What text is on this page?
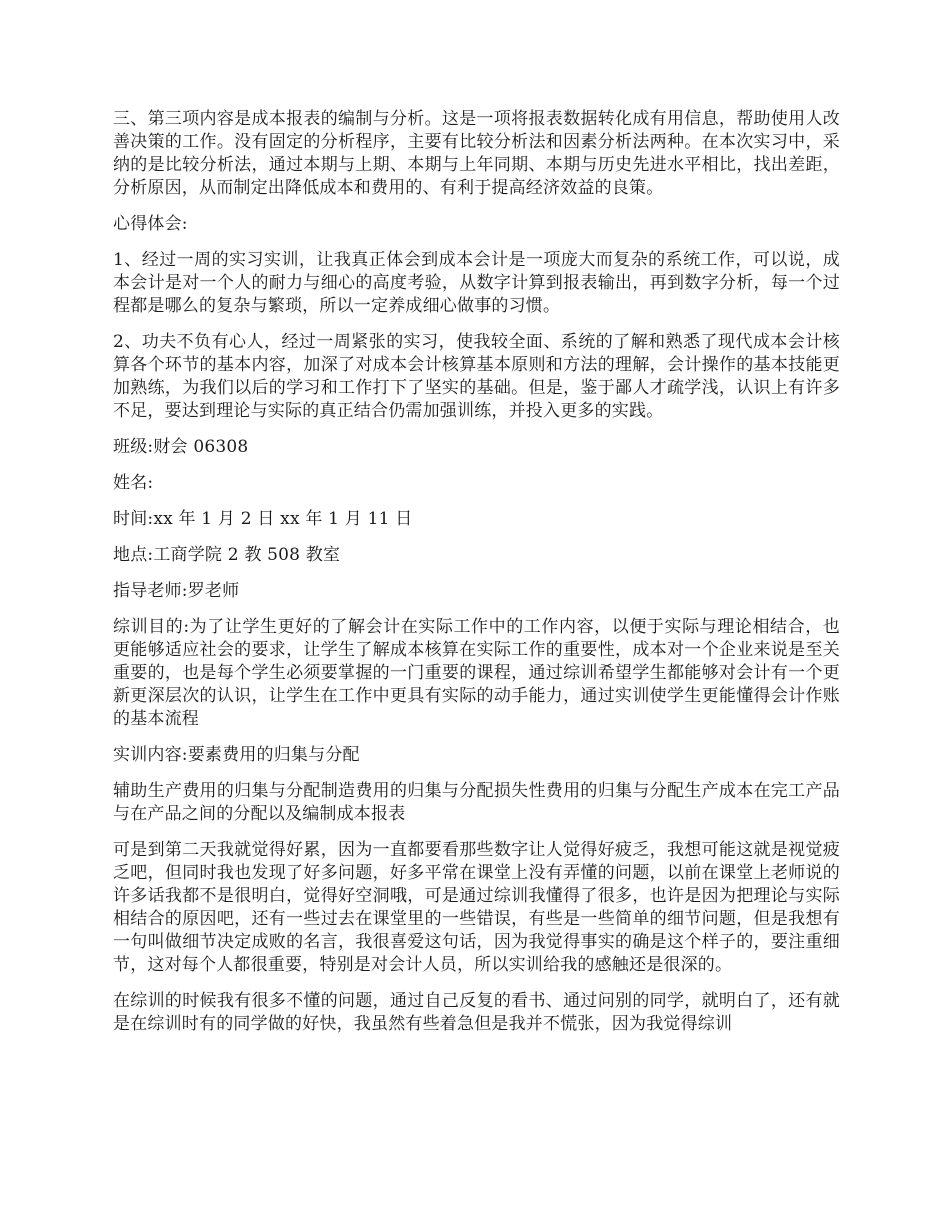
三、第三项内容是成本报表的编制与分析。这是一项将报表数据转化成有用信息，帮助使用人改善决策的工作。没有固定的分析程序，主要有比较分析法和因素分析法两种。在本次实习中，采纳的是比较分析法，通过本期与上期、本期与上年同期、本期与历史先进水平相比，找出差距，分析原因，从而制定出降低成本和费用的、有利于提高经济效益的良策。

心得体会:

1、经过一周的实习实训，让我真正体会到成本会计是一项庞大而复杂的系统工作，可以说，成本会计是对一个人的耐力与细心的高度考验，从数字计算到报表输出，再到数字分析，每一个过程都是哪么的复杂与繁琐，所以一定养成细心做事的习惯。

2、功夫不负有心人，经过一周紧张的实习，使我较全面、系统的了解和熟悉了现代成本会计核算各个环节的基本内容，加深了对成本会计核算基本原则和方法的理解，会计操作的基本技能更加熟练，为我们以后的学习和工作打下了坚实的基础。但是，鉴于鄙人才疏学浅，认识上有许多不足，要达到理论与实际的真正结合仍需加强训练，并投入更多的实践。

班级:财会 06308

姓名:

时间:xx 年 1 月 2 日 xx 年 1 月 11 日

地点:工商学院 2 教 508 教室

指导老师:罗老师

综训目的:为了让学生更好的了解会计在实际工作中的工作内容，以便于实际与理论相结合，也更能够适应社会的要求，让学生了解成本核算在实际工作的重要性，成本对一个企业来说是至关重要的，也是每个学生必须要掌握的一门重要的课程，通过综训希望学生都能够对会计有一个更新更深层次的认识，让学生在工作中更具有实际的动手能力，通过实训使学生更能懂得会计作账的基本流程

实训内容:要素费用的归集与分配

辅助生产费用的归集与分配制造费用的归集与分配损失性费用的归集与分配生产成本在完工产品与在产品之间的分配以及编制成本报表

可是到第二天我就觉得好累，因为一直都要看那些数字让人觉得好疲乏，我想可能这就是视觉疲乏吧，但同时我也发现了好多问题，好多平常在课堂上没有弄懂的问题，以前在课堂上老师说的许多话我都不是很明白，觉得好空洞哦，可是通过综训我懂得了很多，也许是因为把理论与实际相结合的原因吧，还有一些过去在课堂里的一些错误，有些是一些简单的细节问题，但是我想有一句叫做细节决定成败的名言，我很喜爱这句话，因为我觉得事实的确是这个样子的，要注重细节，这对每个人都很重要，特别是对会计人员，所以实训给我的感触还是很深的。

在综训的时候我有很多不懂的问题，通过自己反复的看书、通过问别的同学，就明白了，还有就是在综训时有的同学做的好快，我虽然有些着急但是我并不慌张，因为我觉得综训
